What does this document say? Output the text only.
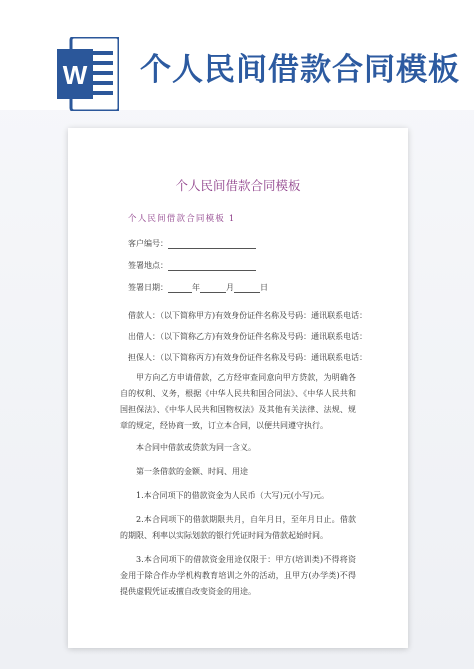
W 个人民间借款合同模板
个人民间借款合同模板
个人民间借款合同模板 1
客户编号：
签署地点：
签署日期：	年	月	日
借款人：（以下简称甲方)有效身份证件名称及号码：通讯联系电话：
出借人：（以下简称乙方)有效身份证件名称及号码：通讯联系电话：
担保人：（以下简称丙方)有效身份证件名称及号码：通讯联系电话：
甲方向乙方申请借款，乙方经审查同意向甲方贷款，为明确各自的权利、义务，根据《中华人民共和国合同法》、《中华人民共和国担保法》、《中华人民共和国物权法》及其他有关法律、法规、规章的规定，经协商一致，订立本合同，以便共同遵守执行。
本合同中借款或贷款为同一含义。
第一条借款的金额、时间、用途
1.本合同项下的借款资金为人民币（大写)元(小写)元。
2.本合同项下的借款期限共月，自年月日，至年月日止。借款的期限、利率以实际划款的银行凭证时间为借款起始时间。
3.本合同项下的借款资金用途仅限于：甲方(培训类)不得将资金用于除合作办学机构教育培训之外的活动，且甲方(办学类)不得提供虚假凭证或擅自改变资金的用途。
